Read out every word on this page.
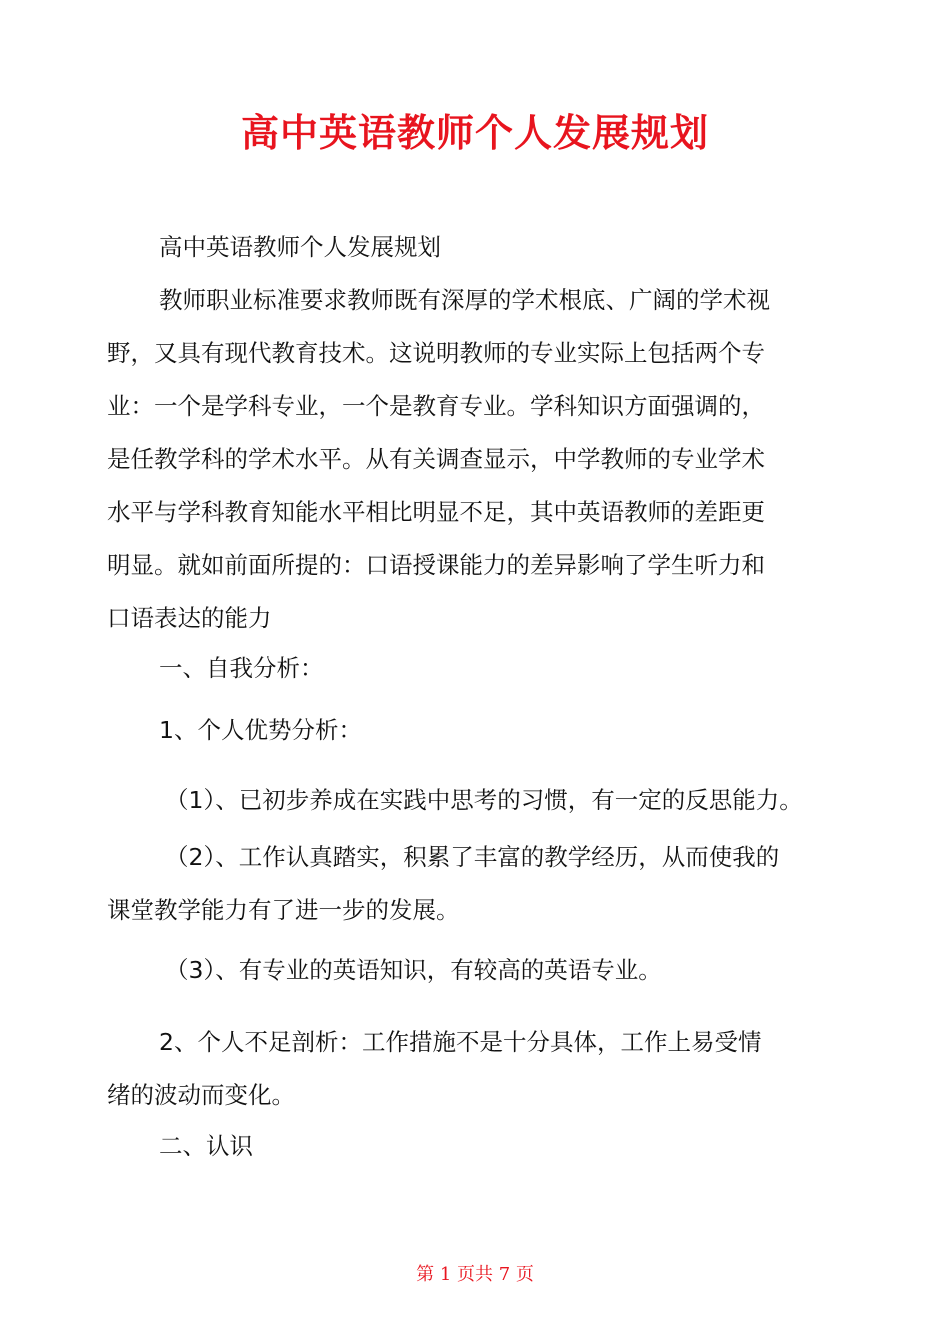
高中英语教师个人发展规划
高中英语教师个人发展规划
教师职业标准要求教师既有深厚的学术根底、广阔的学术视
野，又具有现代教育技术。这说明教师的专业实际上包括两个专
业：一个是学科专业，一个是教育专业。学科知识方面强调的，
是任教学科的学术水平。从有关调查显示，中学教师的专业学术
水平与学科教育知能水平相比明显不足，其中英语教师的差距更
明显。就如前面所提的：口语授课能力的差异影响了学生听力和
口语表达的能力
一、自我分析：
1、个人优势分析：
（1）、已初步养成在实践中思考的习惯，有一定的反思能力。
（2）、工作认真踏实，积累了丰富的教学经历，从而使我的
课堂教学能力有了进一步的发展。
（3）、有专业的英语知识，有较高的英语专业。
2、个人不足剖析：工作措施不是十分具体，工作上易受情
绪的波动而变化。
二、认识
第 1 页共 7 页
